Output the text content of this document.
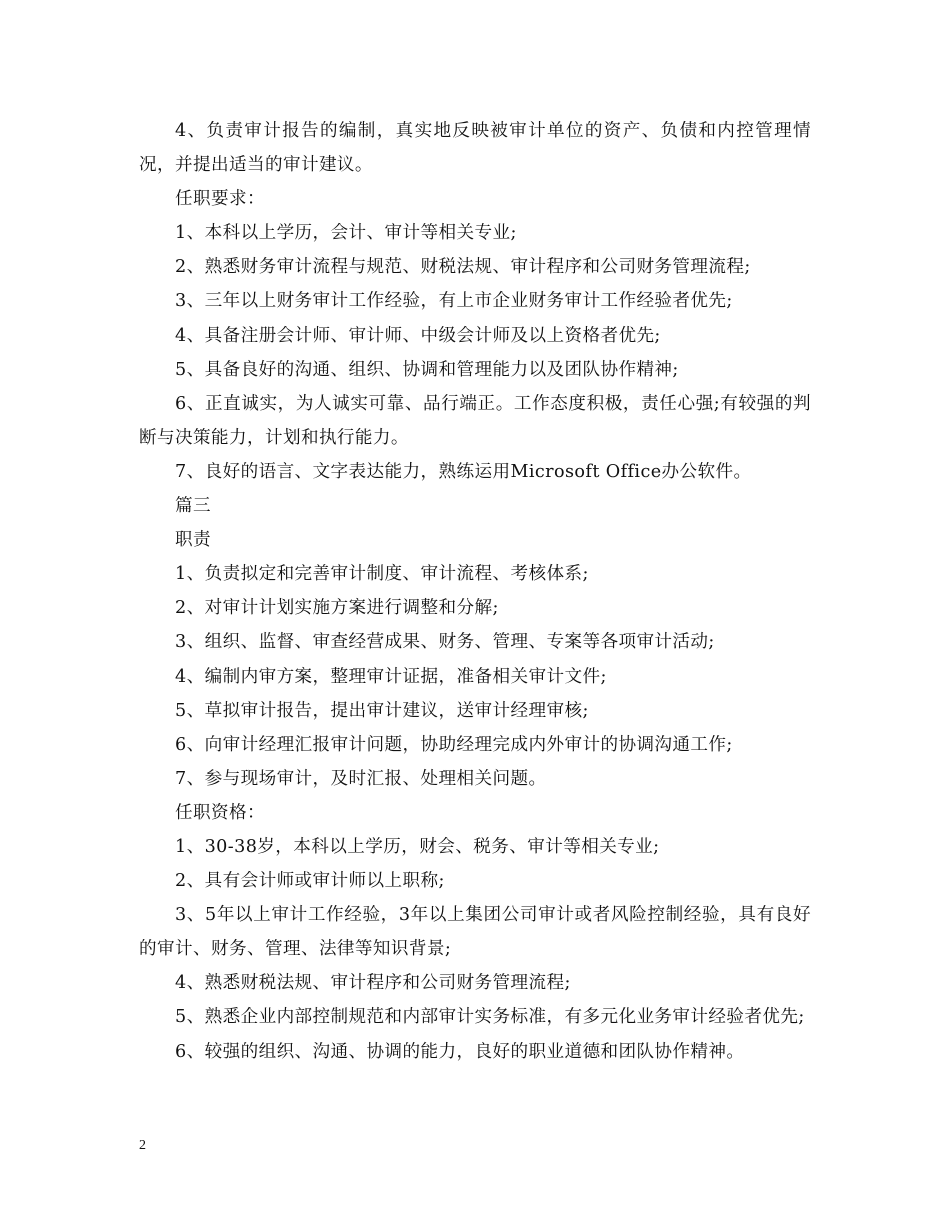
4、负责审计报告的编制，真实地反映被审计单位的资产、负债和内控管理情况，并提出适当的审计建议。

任职要求：

1、本科以上学历，会计、审计等相关专业;

2、熟悉财务审计流程与规范、财税法规、审计程序和公司财务管理流程;

3、三年以上财务审计工作经验，有上市企业财务审计工作经验者优先;

4、具备注册会计师、审计师、中级会计师及以上资格者优先;

5、具备良好的沟通、组织、协调和管理能力以及团队协作精神;

6、正直诚实，为人诚实可靠、品行端正。工作态度积极，责任心强;有较强的判断与决策能力，计划和执行能力。

7、良好的语言、文字表达能力，熟练运用Microsoft Office办公软件。

篇三

职责

1、负责拟定和完善审计制度、审计流程、考核体系;

2、对审计计划实施方案进行调整和分解;

3、组织、监督、审查经营成果、财务、管理、专案等各项审计活动;

4、编制内审方案，整理审计证据，准备相关审计文件;

5、草拟审计报告，提出审计建议，送审计经理审核;

6、向审计经理汇报审计问题，协助经理完成内外审计的协调沟通工作;

7、参与现场审计，及时汇报、处理相关问题。

任职资格：

1、30-38岁，本科以上学历，财会、税务、审计等相关专业;

2、具有会计师或审计师以上职称;

3、5年以上审计工作经验，3年以上集团公司审计或者风险控制经验，具有良好的审计、财务、管理、法律等知识背景;

4、熟悉财税法规、审计程序和公司财务管理流程;

5、熟悉企业内部控制规范和内部审计实务标准，有多元化业务审计经验者优先;

6、较强的组织、沟通、协调的能力，良好的职业道德和团队协作精神。

2
